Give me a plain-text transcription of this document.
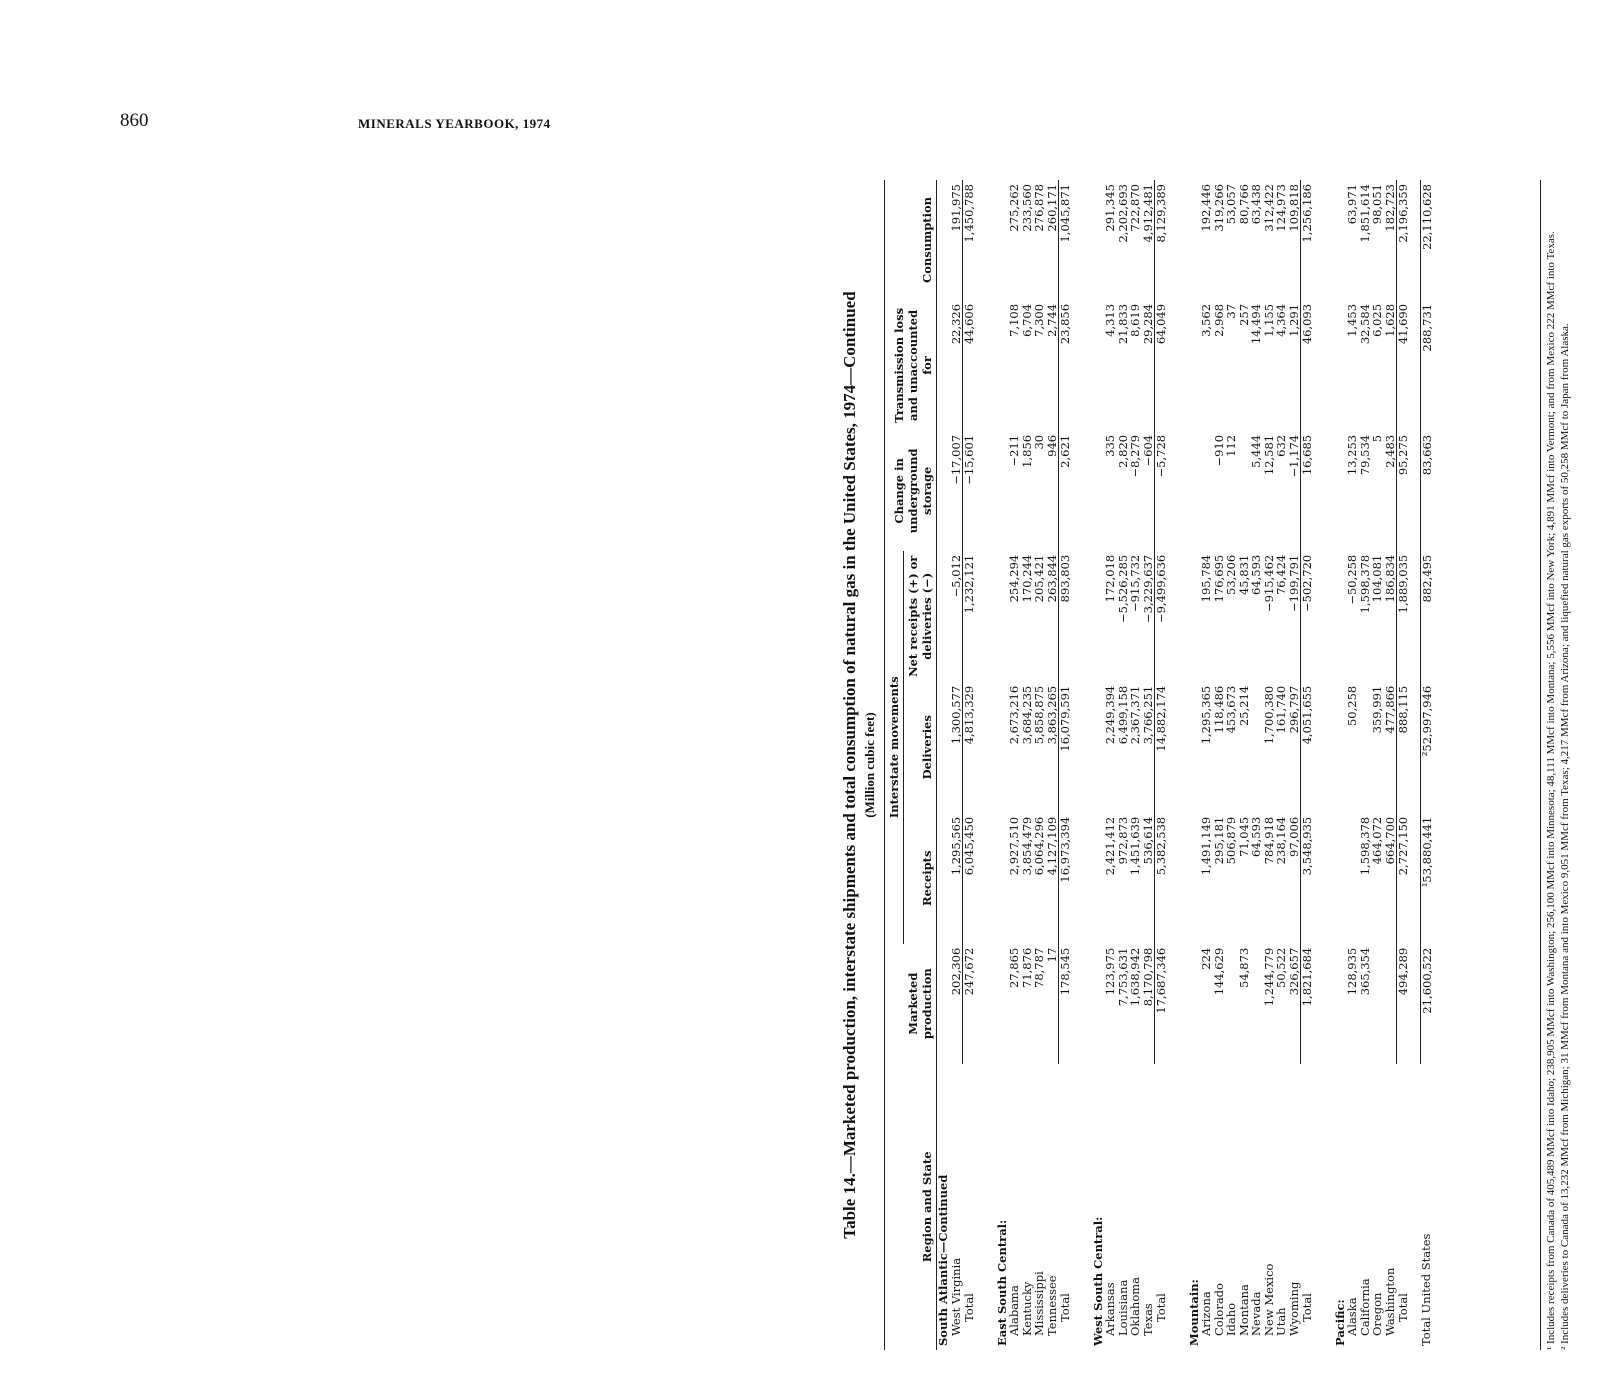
860	MINERALS YEARBOOK, 1974
Table 14.—Marketed production, interstate shipments and total consumption of natural gas in the United States, 1974—Continued (Million cubic feet)
Region and State	Marketed production	Interstate movements			Change in underground storage	Transmission loss and unaccounted for	Consumption
		Receipts	Deliveries	Net receipts (+) or deliveries (−)			
South Atlantic—Continued							
West Virginia	202,306	1,295,565	1,300,577	−5,012	−17,007	22,326	191,975
Total	247,672	6,045,450	4,813,329	1,232,121	−15,601	44,606	1,450,788

East South Central:							
Alabama	27,865	2,927,510	2,673,216	254,294	−211	7,108	275,262
Kentucky	71,876	3,854,479	3,684,235	170,244	1,856	6,704	233,560
Mississippi	78,787	6,064,296	5,858,875	205,421	30	7,300	276,878
Tennessee	17	4,127,109	3,863,265	263,844	946	2,744	260,171
Total	178,545	16,973,394	16,079,591	893,803	2,621	23,856	1,045,871

West South Central:							
Arkansas	123,975	2,421,412	2,249,394	172,018	335	4,313	291,345
Louisiana	7,753,631	972,873	6,499,158	−5,526,285	2,820	21,833	2,202,693
Oklahoma	1,638,942	1,451,639	2,367,371	−915,732	−8,279	8,619	722,870
Texas	8,170,798	536,614	3,766,251	−3,229,637	−604	29,284	4,912,481
Total	17,687,346	5,382,538	14,882,174	−9,499,636	−5,728	64,049	8,129,389

Mountain:							
Arizona	224	1,491,149	1,295,365	195,784		3,562	192,446
Colorado	144,629	295,181	118,486	176,695	−910	2,968	319,266
Idaho		506,879	453,673	53,206	112	37	53,057
Montana	54,873	71,045	25,214	45,831		257	80,766
Nevada		64,593		64,593	5,444	14,494	63,438
New Mexico	1,244,779	784,918	1,700,380	−915,462	12,581	1,155	312,422
Utah	50,522	238,164	161,740	76,424	632	4,364	124,973
Wyoming	326,657	97,006	296,797	−199,791	−1,174	1,291	109,818
Total	1,821,684	3,548,935	4,051,655	−502,720	16,685	46,093	1,256,186

Pacific:							
Alaska	128,935		50,258	−50,258	13,253	1,453	63,971
California	365,354	1,598,378		1,598,378	79,534	32,584	1,851,614
Oregon		464,072	359,991	104,081	5	6,025	98,051
Washington		664,700	477,866	186,834	2,483	1,628	182,723
Total	494,289	2,727,150	888,115	1,889,035	95,275	41,690	2,196,359

Total United States	21,600,522	¹53,880,441	²52,997,946	882,495	83,663	288,731	22,110,628
¹ Includes receipts from Canada of 405,489 MMcf into Idaho; 238,905 MMcf into Washington; 256,100 MMcf into Minnesota; 48,111 MMcf into Montana; 5,556 MMcf into New York; 4,891 MMcf into Vermont; and from Mexico 222 MMcf into Texas. ² Includes deliveries to Canada of 13,232 MMcf from Michigan; 31 MMcf from Montana and into Mexico 9,051 MMcf from Texas; 4,217 MMcf from Arizona; and liquefied natural gas exports of 50,258 MMcf to Japan from Alaska.
